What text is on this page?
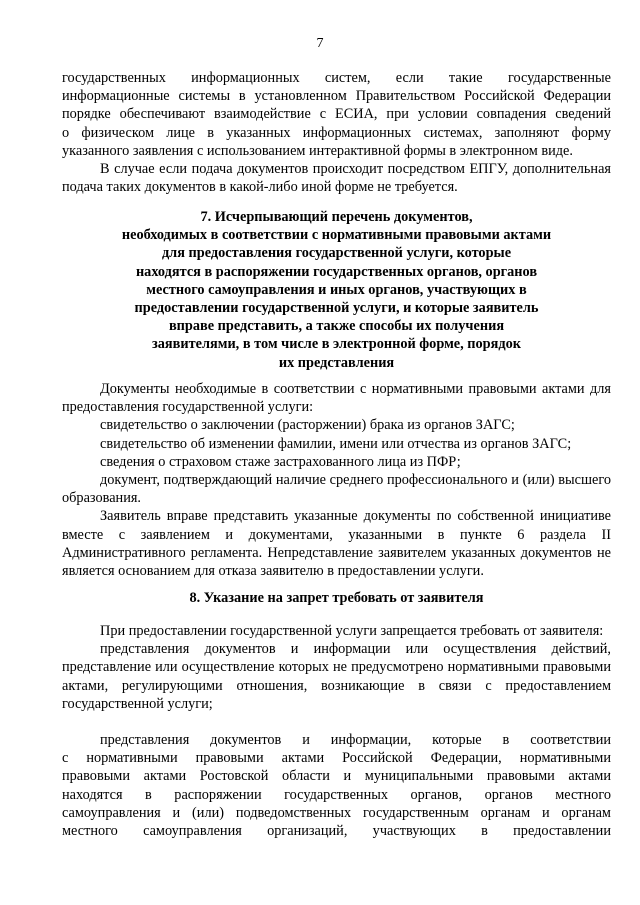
7
государственных информационных систем, если такие государственные
информационные системы в установленном Правительством Российской Федерации
порядке обеспечивают взаимодействие с ЕСИА, при условии совпадения сведений
о физическом лице в указанных информационных системах, заполняют форму
указанного заявления с использованием интерактивной формы в электронном виде.

В случае если подача документов происходит посредством ЕПГУ, дополнительная подача таких документов в какой-либо иной форме не требуется.

7. Исчерпывающий перечень документов,
необходимых в соответствии с нормативными правовыми актами
для предоставления государственной услуги, которые
находятся в распоряжении государственных органов, органов
местного самоуправления и иных органов, участвующих в
предоставлении государственной услуги, и которые заявитель
вправе представить, а также способы их получения
заявителями, в том числе в электронной форме, порядок
их представления

Документы необходимые в соответствии с нормативными правовыми актами для предоставления государственной услуги:

свидетельство о заключении (расторжении) брака из органов ЗАГС;

свидетельство об изменении фамилии, имени или отчества из органов ЗАГС;

сведения о страховом стаже застрахованного лица из ПФР;

документ, подтверждающий наличие среднего профессионального и (или) высшего образования.

Заявитель вправе представить указанные документы по собственной инициативе вместе с заявлением и документами, указанными в пункте 6 раздела II Административного регламента. Непредставление заявителем указанных документов не является основанием для отказа заявителю в предоставлении услуги.

8. Указание на запрет требовать от заявителя

При предоставлении государственной услуги запрещается требовать от заявителя:

представления документов и информации или осуществления действий, представление или осуществление которых не предусмотрено нормативными правовыми актами, регулирующими отношения, возникающие в связи с предоставлением государственной услуги;

представления документов и информации, которые в соответствии
с нормативными правовыми актами Российской Федерации, нормативными
правовыми актами Ростовской области и муниципальными правовыми актами
находятся в распоряжении государственных органов, органов местного
самоуправления и (или) подведомственных государственным органам и органам
местного самоуправления организаций, участвующих в предоставлении
